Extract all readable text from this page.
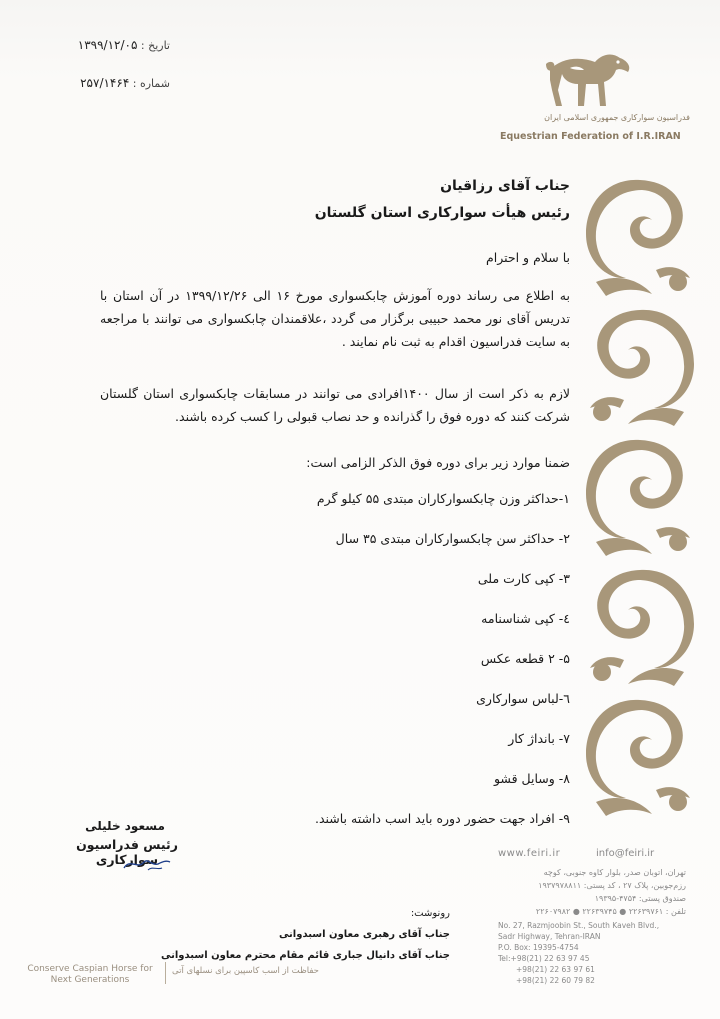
تاریخ : ۱۳۹۹/۱۲/۰۵
شماره : ۲۵۷/۱۴۶۴
فدراسیون سوارکاری جمهوری اسلامی ایران
Equestrian Federation of I.R.IRAN
جناب آقای رزاقیان
رئیس هیأت سوارکاری استان گلستان
با سلام و احترام
به اطلاع می رساند دوره آموزش چابکسواری مورخ ۱۶ الی ۱۳۹۹/۱۲/۲۶ در آن استان با تدریس آقای نور محمد حبیبی برگزار می گردد ،علاقمندان چابکسواری می توانند با مراجعه به سایت فدراسیون اقدام به ثبت نام نمایند .
لازم به ذکر است از سال ۱۴۰۰افرادی می توانند در مسابقات چابکسواری استان گلستان شرکت کنند که دوره فوق را گذرانده و حد نصاب قبولی را کسب کرده باشند.
ضمنا موارد زیر برای دوره فوق الذکر الزامی است:
۱-حداکثر وزن چابکسوارکاران مبتدی ۵۵ کیلو گرم
۲- حداکثر سن چابکسوارکاران مبتدی ۳۵ سال
۳- کپی کارت ملی
٤- کپی شناسنامه
۵- ۲ قطعه عکس
٦-لباس سوارکاری
۷- بانداژ کار
۸- وسایل قشو
۹- افراد جهت حضور دوره باید اسب داشته باشند.
مسعود خلیلی
رئیس فدراسیون سوارکاری	www.feiri.ir	info@feiri.ir
تهران، اتوبان صدر، بلوار کاوه جنوبی، کوچه
رزم‌جوبین، پلاک ۲۷ ، کد پستی: ۱۹۳۷۹۷۸۸۱۱
صندوق پستی: ۴۷۵۴-۱۹۳۹۵
تلفن : ۲۲۶۳۹۷۶۱ ● ۲۲۶۳۹۷۴۵ ● ۲۲۶۰۷۹۸۲
No. 27, Razmjoobin St., South Kaveh Blvd.,
Sadr Highway, Tehran-IRAN
P.O. Box: 19395-4754
Tel:+98(21) 22 63 97 45
+98(21) 22 63 97 61
+98(21) 22 60 79 82
رونوشت:
جناب آقای رهبری معاون اسبدوانی
جناب آقای دانیال جباری قائم مقام محترم معاون اسبدوانی
Conserve Caspian Horse for
Next Generations
حفاظت از اسب کاسپین برای نسلهای آتی
